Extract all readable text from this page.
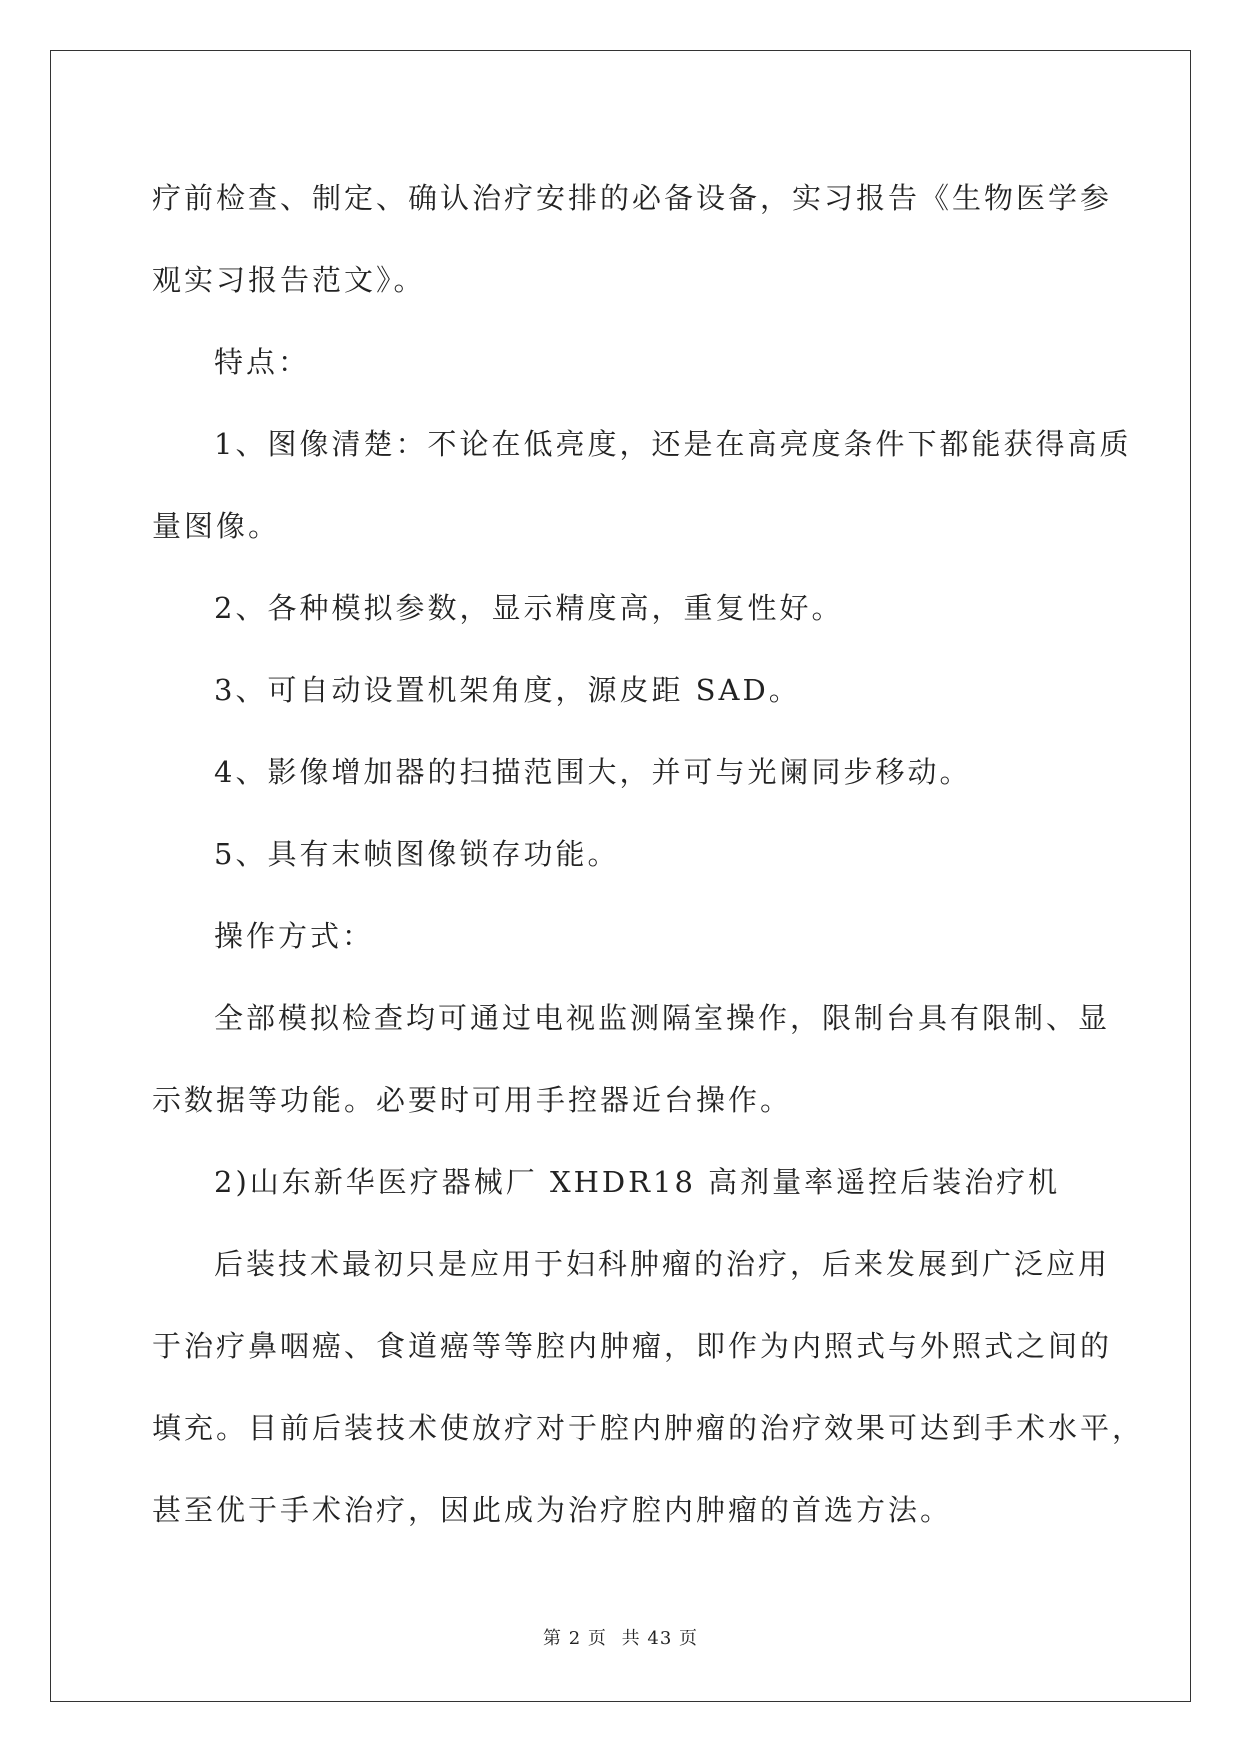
疗前检查、制定、确认治疗安排的必备设备，实习报告《生物医学参

观实习报告范文》。

特点：

1、图像清楚：不论在低亮度，还是在高亮度条件下都能获得高质

量图像。

2、各种模拟参数，显示精度高，重复性好。

3、可自动设置机架角度，源皮距 SAD。

4、影像增加器的扫描范围大，并可与光阑同步移动。

5、具有末帧图像锁存功能。

操作方式：

全部模拟检查均可通过电视监测隔室操作，限制台具有限制、显

示数据等功能。必要时可用手控器近台操作。

2)山东新华医疗器械厂 XHDR18 高剂量率遥控后装治疗机

后装技术最初只是应用于妇科肿瘤的治疗，后来发展到广泛应用

于治疗鼻咽癌、食道癌等等腔内肿瘤，即作为内照式与外照式之间的

填充。目前后装技术使放疗对于腔内肿瘤的治疗效果可达到手术水平，

甚至优于手术治疗，因此成为治疗腔内肿瘤的首选方法。

第 2 页 共 43 页
